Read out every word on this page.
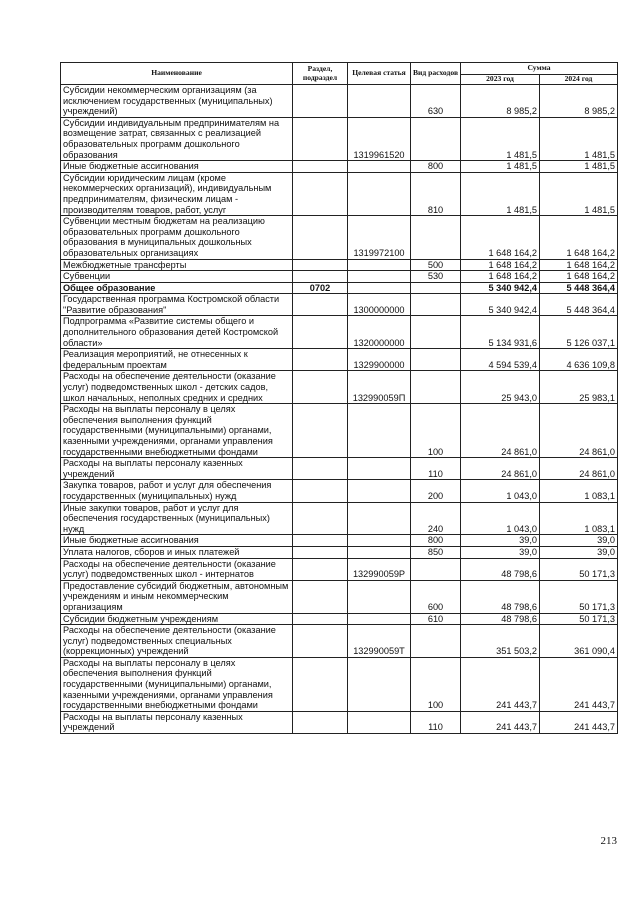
Наименование	Раздел, подраздел	Целевая статья	Вид расходов	Сумма	
				2023 год	2024 год
Субсидии некоммерческим организациям (за исключением государственных (муниципальных) учреждений)			630	8 985,2	8 985,2
Субсидии индивидуальным предпринимателям на возмещение затрат, связанных с реализацией образовательных программ дошкольного образования		1319961520		1 481,5	1 481,5
Иные бюджетные ассигнования			800	1 481,5	1 481,5
Субсидии юридическим лицам (кроме некоммерческих организаций), индивидуальным предпринимателям, физическим лицам - производителям товаров, работ, услуг			810	1 481,5	1 481,5
Субвенции местным бюджетам на реализацию образовательных программ дошкольного образования в муниципальных дошкольных образовательных организациях		1319972100		1 648 164,2	1 648 164,2
Межбюджетные трансферты			500	1 648 164,2	1 648 164,2
Субвенции			530	1 648 164,2	1 648 164,2
Общее образование	0702			5 340 942,4	5 448 364,4
Государственная программа Костромской области "Развитие образования"		1300000000		5 340 942,4	5 448 364,4
Подпрограмма «Развитие системы общего и дополнительного образования детей Костромской области»		1320000000		5 134 931,6	5 126 037,1
Реализация мероприятий, не отнесенных к федеральным проектам		1329900000		4 594 539,4	4 636 109,8
Расходы на обеспечение деятельности (оказание услуг) подведомственных школ - детских садов, школ начальных, неполных средних и средних		132990059П		25 943,0	25 983,1
Расходы на выплаты персоналу в целях обеспечения выполнения функций государственными (муниципальными) органами, казенными учреждениями, органами управления государственными внебюджетными фондами			100	24 861,0	24 861,0
Расходы на выплаты персоналу казенных учреждений			110	24 861,0	24 861,0
Закупка товаров, работ и услуг для обеспечения государственных (муниципальных) нужд			200	1 043,0	1 083,1
Иные закупки товаров, работ и услуг для обеспечения государственных (муниципальных) нужд			240	1 043,0	1 083,1
Иные бюджетные ассигнования			800	39,0	39,0
Уплата налогов, сборов и иных платежей			850	39,0	39,0
Расходы на обеспечение деятельности (оказание услуг) подведомственных школ - интернатов		132990059Р		48 798,6	50 171,3
Предоставление субсидий бюджетным, автономным учреждениям и иным некоммерческим организациям			600	48 798,6	50 171,3
Субсидии бюджетным учреждениям			610	48 798,6	50 171,3
Расходы на обеспечение деятельности (оказание услуг) подведомственных специальных (коррекционных) учреждений		132990059Т		351 503,2	361 090,4
Расходы на выплаты персоналу в целях обеспечения выполнения функций государственными (муниципальными) органами, казенными учреждениями, органами управления государственными внебюджетными фондами			100	241 443,7	241 443,7
Расходы на выплаты персоналу казенных учреждений			110	241 443,7	241 443,7
213
